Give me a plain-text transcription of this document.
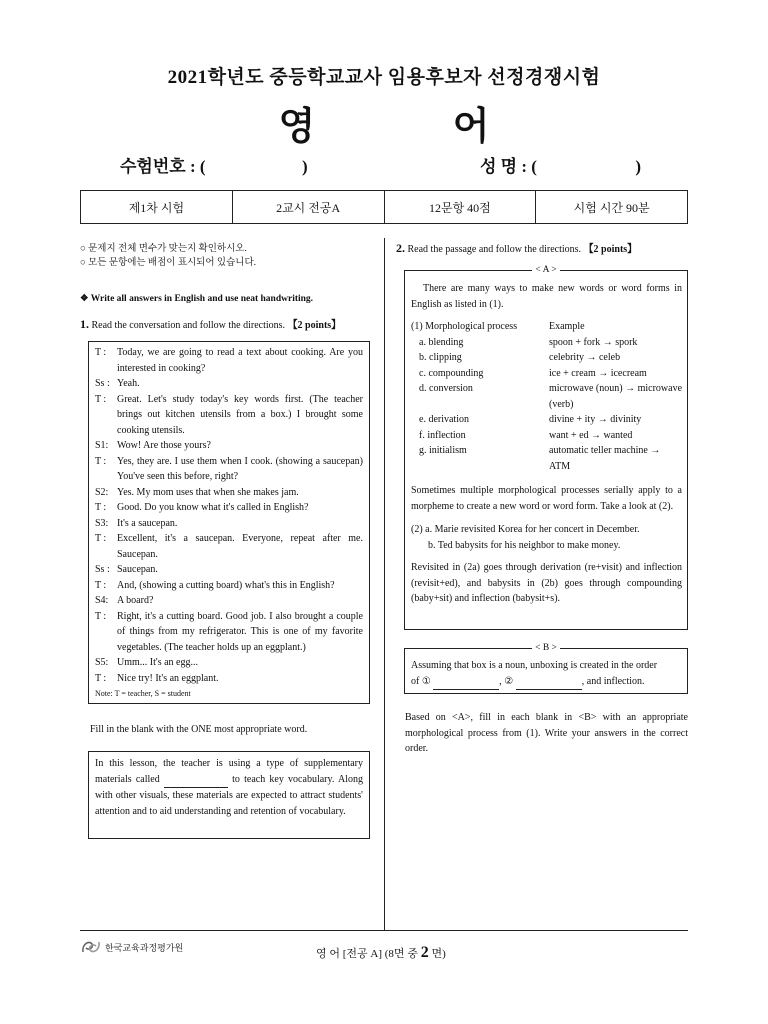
2021학년도 중등학교교사 임용후보자 선정경쟁시험
영 어
수험번호 : (	)	성 명 : (	)
제1차 시험	2교시 전공A	12문항 40점	시험 시간 90분
○ 문제지 전체 면수가 맞는지 확인하시오.
○ 모든 문항에는 배점이 표시되어 있습니다.
❖ Write all answers in English and use neat handwriting.
1. Read the conversation and follow the directions. 【2 points】
T :	Today, we are going to read a text about cooking. Are you interested in cooking?
Ss : Yeah.
T :	Great. Let's study today's key words first. (The teacher brings out kitchen utensils from a box.) I brought some cooking utensils.
S1: Wow! Are those yours?
T :	Yes, they are. I use them when I cook. (showing a saucepan) You've seen this before, right?
S2: Yes. My mom uses that when she makes jam.
T :	Good. Do you know what it's called in English?
S3: It's a saucepan.
T :	Excellent, it's a saucepan. Everyone, repeat after me. Saucepan.
Ss : Saucepan.
T :	And, (showing a cutting board) what's this in English?
S4: A board?
T :	Right, it's a cutting board. Good job. I also brought a couple of things from my refrigerator. This is one of my favorite vegetables. (The teacher holds up an eggplant.)
S5: Umm... It's an egg...
T :	Nice try! It's an eggplant.
Note: T = teacher, S = student
Fill in the blank with the ONE most appropriate word.
In this lesson, the teacher is using a type of supplementary materials called	to teach key vocabulary. Along with other visuals, these materials are expected to attract students' attention and to aid understanding and retention of vocabulary.
2. Read the passage and follow the directions. 【2 points】
< A >
There are many ways to make new words or word forms in English as listed in (1).
(1) Morphological process	Example
a. blending	spoon + fork → spork
b. clipping	celebrity → celeb
c. compounding	ice + cream → icecream
d. conversion	microwave (noun) → microwave (verb)
e. derivation	divine + ity → divinity
f. inflection	want + ed → wanted
g. initialism	automatic teller machine → ATM
Sometimes multiple morphological processes serially apply to a morpheme to create a new word or word form. Take a look at (2).
(2) a. Marie revisited Korea for her concert in December.
b. Ted babysits for his neighbor to make money.
Revisited in (2a) goes through derivation (re+visit) and inflection (revisit+ed), and babysits in (2b) goes through compounding (baby+sit) and inflection (babysit+s).
< B >
Assuming that box is a noun, unboxing is created in the order
of ①	, ②	, and inflection.
Based on <A>, fill in each blank in <B> with an appropriate morphological process from (1). Write your answers in the correct order.
한국교육과정평가원	영 어 [전공 A] (8면 중 2 면)
